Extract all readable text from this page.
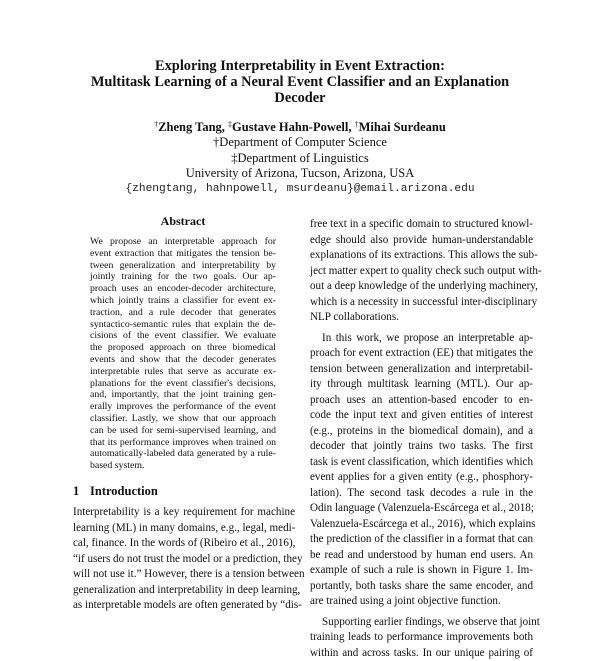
Exploring Interpretability in Event Extraction:
Multitask Learning of a Neural Event Classifier and an Explanation
Decoder
†Zheng Tang, ‡Gustave Hahn-Powell, †Mihai Surdeanu
†Department of Computer Science
‡Department of Linguistics
University of Arizona, Tucson, Arizona, USA
{zhengtang, hahnpowell, msurdeanu}@email.arizona.edu
Abstract
We propose an interpretable approach for
event extraction that mitigates the tension be-
tween generalization and interpretability by
jointly training for the two goals. Our ap-
proach uses an encoder-decoder architecture,
which jointly trains a classifier for event ex-
traction, and a rule decoder that generates
syntactico-semantic rules that explain the de-
cisions of the event classifier. We evaluate
the proposed approach on three biomedical
events and show that the decoder generates
interpretable rules that serve as accurate ex-
planations for the event classifier's decisions,
and, importantly, that the joint training gen-
erally improves the performance of the event
classifier. Lastly, we show that our approach
can be used for semi-supervised learning, and
that its performance improves when trained on
automatically-labeled data generated by a rule-
based system.
1 Introduction
Interpretability is a key requirement for machine
learning (ML) in many domains, e.g., legal, medi-
cal, finance. In the words of (Ribeiro et al., 2016),
“if users do not trust the model or a prediction, they
will not use it.” However, there is a tension between
generalization and interpretability in deep learning,
as interpretable models are often generated by “dis-
free text in a specific domain to structured knowl-
edge should also provide human-understandable
explanations of its extractions. This allows the sub-
ject matter expert to quality check such output with-
out a deep knowledge of the underlying machinery,
which is a necessity in successful inter-disciplinary
NLP collaborations.
In this work, we propose an interpretable ap-
proach for event extraction (EE) that mitigates the
tension between generalization and interpretabil-
ity through multitask learning (MTL). Our ap-
proach uses an attention-based encoder to en-
code the input text and given entities of interest
(e.g., proteins in the biomedical domain), and a
decoder that jointly trains two tasks. The first
task is event classification, which identifies which
event applies for a given entity (e.g., phosphory-
lation). The second task decodes a rule in the
Odin language (Valenzuela-Escárcega et al., 2018;
Valenzuela-Escárcega et al., 2016), which explains
the prediction of the classifier in a format that can
be read and understood by human end users. An
example of such a rule is shown in Figure 1. Im-
portantly, both tasks share the same encoder, and
are trained using a joint objective function.
Supporting earlier findings, we observe that joint
training leads to performance improvements both
within and across tasks. In our unique pairing of
